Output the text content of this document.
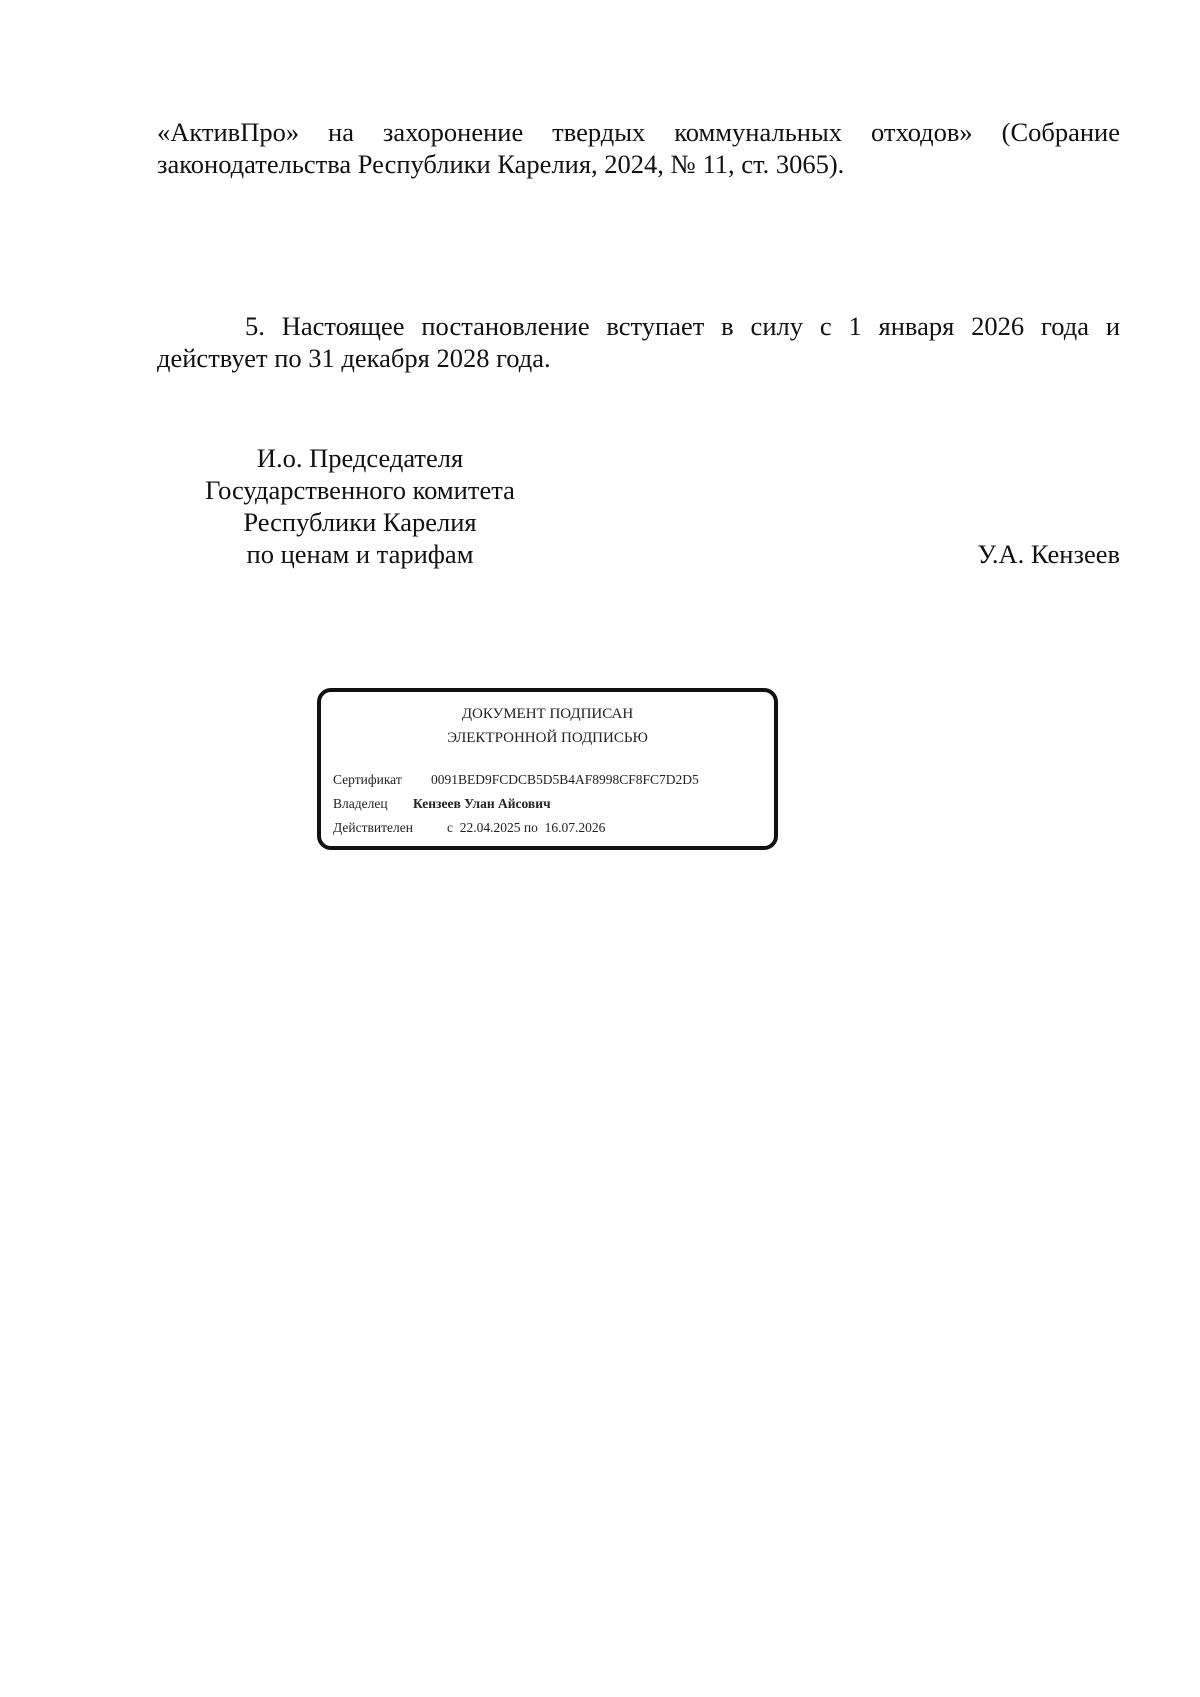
«АктивПро» на захоронение твердых коммунальных отходов» (Собрание
законодательства Республики Карелия, 2024, № 11, ст. 3065).
5. Настоящее постановление вступает в силу с 1 января 2026 года и
действует по 31 декабря 2028 года.
И.о. Председателя
Государственного комитета
Республики Карелия
по ценам и тарифам	У.А. Кензеев
ДОКУМЕНТ ПОДПИСАН
ЭЛЕКТРОННОЙ ПОДПИСЬЮ
Сертификат 0091BED9FCDCB5D5B4AF8998CF8FC7D2D5
Владелец Кензеев Улан Айсович
Действителен	с  22.04.2025 по  16.07.2026
